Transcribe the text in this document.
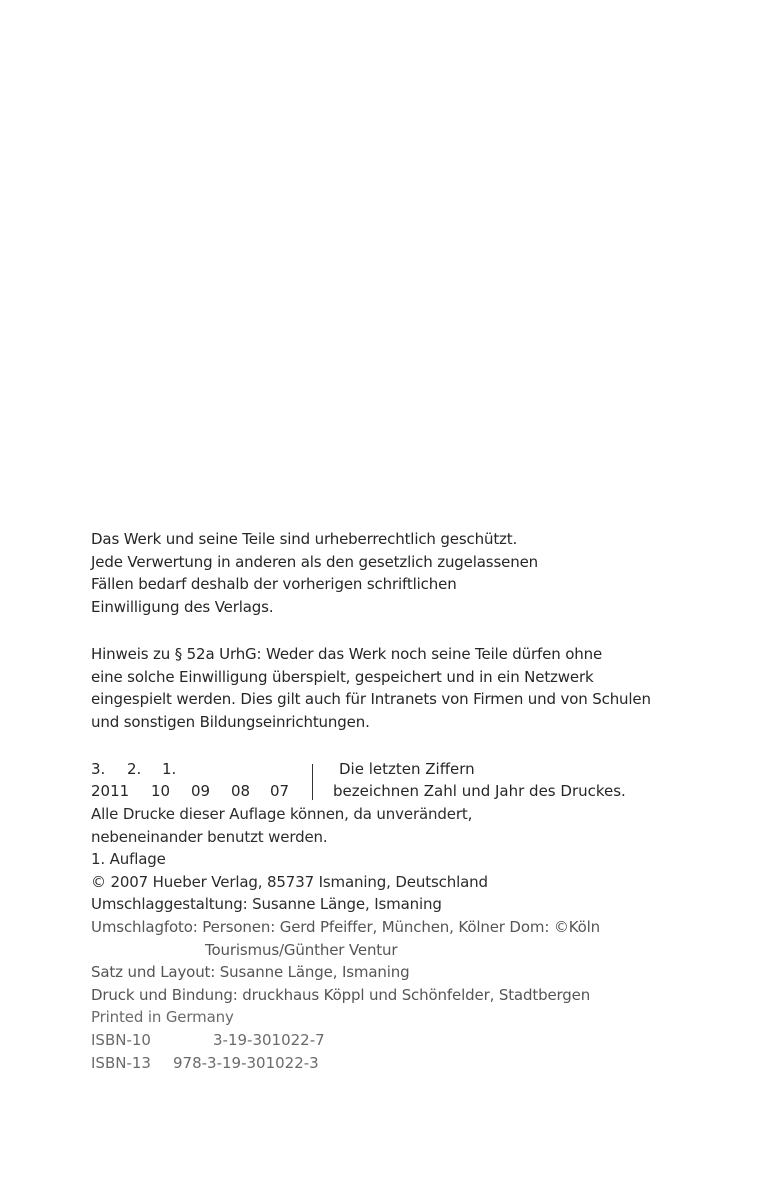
Das Werk und seine Teile sind urheberrechtlich geschützt.
Jede Verwertung in anderen als den gesetzlich zugelassenen
Fällen bedarf deshalb der vorherigen schriftlichen
Einwilligung des Verlags.
Hinweis zu § 52a UrhG: Weder das Werk noch seine Teile dürfen ohne
eine solche Einwilligung überspielt, gespeichert und in ein Netzwerk
eingespielt werden. Dies gilt auch für Intranets von Firmen und von Schulen
und sonstigen Bildungseinrichtungen.
3. 2. 1.
2011 10 09 08 07
Die letzten Ziffern
bezeichnen Zahl und Jahr des Druckes.
Alle Drucke dieser Auflage können, da unverändert,
nebeneinander benutzt werden.
1. Auflage
© 2007 Hueber Verlag, 85737 Ismaning, Deutschland
Umschlaggestaltung: Susanne Länge, Ismaning
Umschlagfoto: Personen: Gerd Pfeiffer, München, Kölner Dom: ©Köln
Tourismus/Günther Ventur
Satz und Layout: Susanne Länge, Ismaning
Druck und Bindung: druckhaus Köppl und Schönfelder, Stadtbergen
Printed in Germany
ISBN-10	3-19-301022-7
ISBN-13 978-3-19-301022-3
